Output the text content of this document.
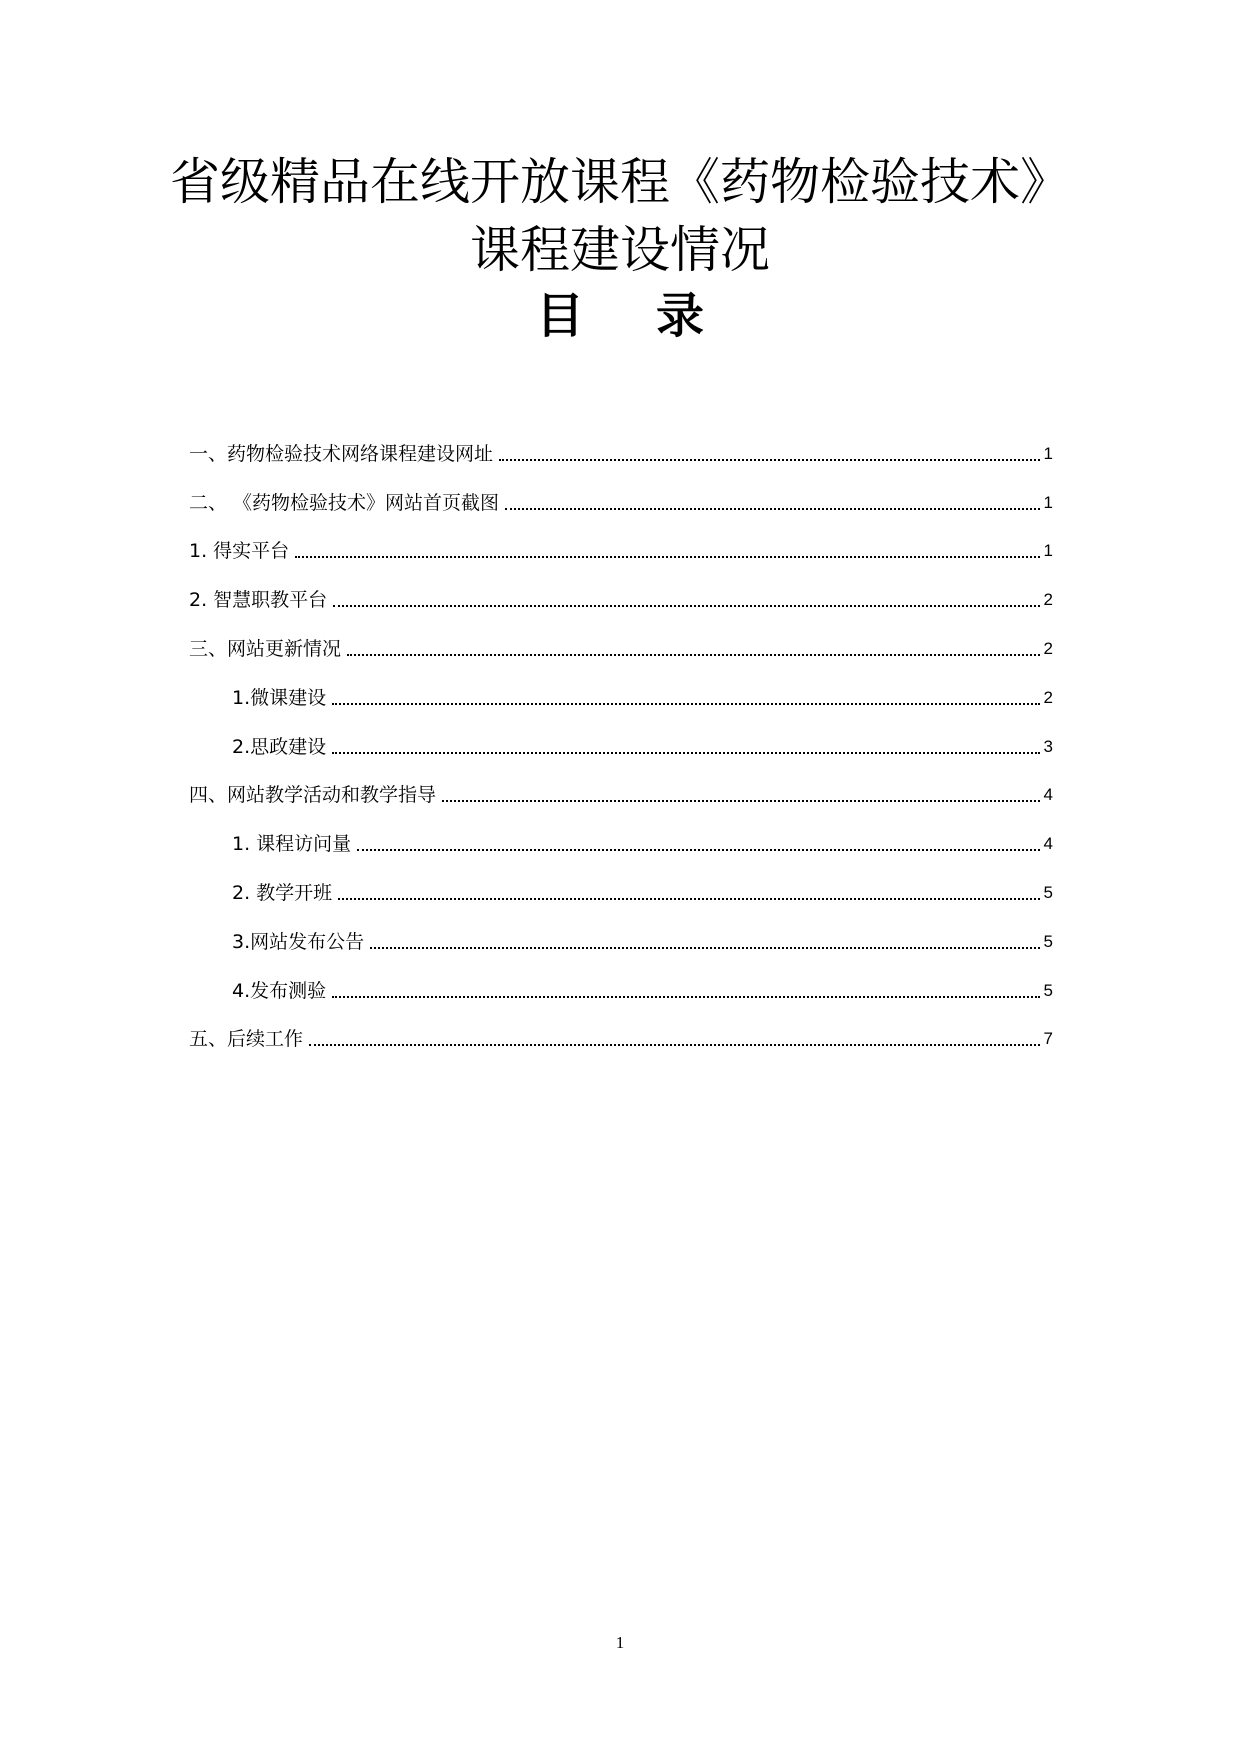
省级精品在线开放课程《药物检验技术》
课程建设情况
目 录
一、药物检验技术网络课程建设网址	1
二、 《药物检验技术》网站首页截图	1
1. 得实平台	1
2. 智慧职教平台	2
三、网站更新情况	2
1.微课建设	2
2.思政建设	3
四、网站教学活动和教学指导	4
1. 课程访问量	4
2. 教学开班	5
3.网站发布公告	5
4.发布测验	5
五、后续工作	7
1
